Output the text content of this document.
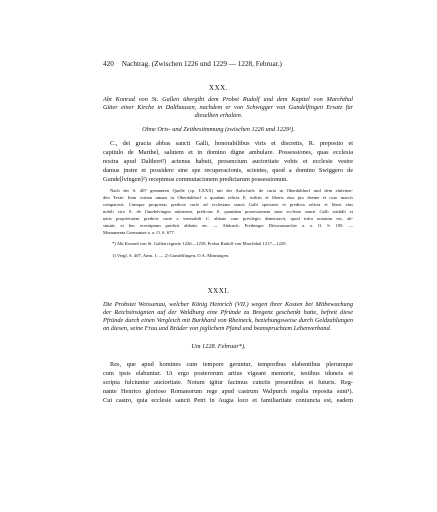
420 Nachtrag. (Zwischen 1226 und 1229 — 1228, Februar.)
XXX.
Abt Konrad von St. Gallen übergibt dem Probst Rudolf und dem Kapitel von Marchthal
Güter einer Kirche in Dalthausen, nachdem er von Schwigger von Gundelfingen Ersatz für
dieselben erhalten.
Ohne Orts- und Zeitbestimmung (zwischen 1226 und 1229¹).
C., dei gracia abbas sancti Galli, honorabilibus viris et discretis, R. preposito et
capitulo de Marthel, salutem et in domino digne ambulare. Possessiones, quas ecclesia
nostra apud Dalthort²) actenus habuit, presencium auctoritate vobis et ecclesie vestre
damus jnstre et possidere sine spe recuperacionis, scientes, quod a domino Swiggero de
Gunde[lvingen]²) recepimus commutacionem predictarum possessionum.
Nach der S. 407 genannten Quelle (cp. LXXX) mit der Aufschrift: de curia in Oberdalthorf und dem einleiten-
den Texte: Item certam umam in Oberdalthorf a quadam relicta E. militis et liberis eius pro deeme et octo marcis
comparavit. Cumque proprietas predicte curie ad ecclesiam sancti Galli spectaret et predicta relicta et liberi eius
nobili viro S. de Gundelvingen attinerent, prelictus S. quandam possessionem sune ecclesie sancti Galli tradidit et
natis proprietatem predicte curie a venerabili C. abbate cum privilegio dimeruavit, quod infra notatum est, ab-
sinutit; et hoc ecerniptum predicti abbatis etc. — Abdruck: Freiburger Diöcesanarchiv a. a. O. S. 190. —
Monumenta Germaniae a. a. O. S. 677.
*) Abt Konrad von St. Gallen regierte 1226—1239, Probst Rudolf von Marchthal 1217—1229.
1) Vergl. S. 407, Anm. 1. — 2) Gundelfingen, O.A. Münsingen.
XXXI.
Die Probstei Weissenau, welcher König Heinrich (VII.) wegen ihrer Kosten bei Mitbewachung
der Reichsinsignien auf der Waldburg eine Pfründe zu Bregenz geschenkt hatte, befreit diese
Pfründe durch einen Vergleich mit Burkhard von Rheineck, beziehungsweise durch Geldzahlungen
an diesen, seine Frau und Brüder von jeglichem Pfand und beanspruchtem Lehenverband.
Um 1228. Februar*).
Res, que apud homines cum tempore geruntur, temporibus elabentibus plerumque
cum ipsis elabuntur. Ut ergo posterorum artius vigeant memorie, testibus idoneis et
scripta fulciuntur auctoritate. Notum igitur facimus cunctis presentibus et futuris. Reg-
nante Henrico glorioso Romanorum rege apud castrum Walpurch regalia reposita sunt¹).
Cui castro, quia ecclesie sancti Petri in Augia loco et familiaritate coniuncta est, eadem
